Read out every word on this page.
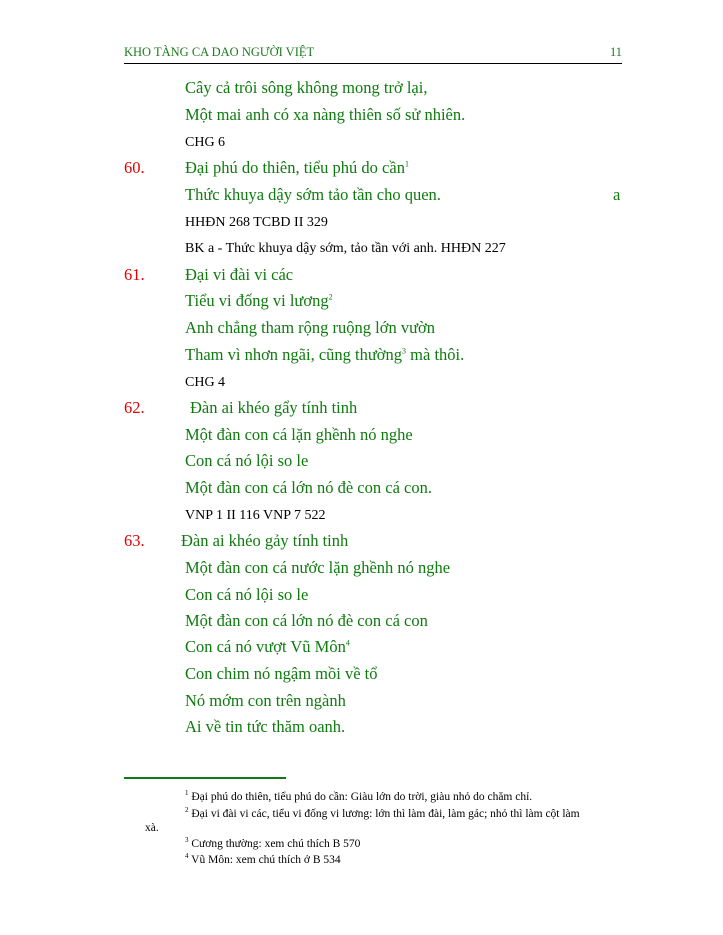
KHO TÀNG CA DAO NGƯỜI VIỆT	11
Cây cả trôi sông không mong trở lại,
Một mai anh có xa nàng thiên số sử nhiên.
CHG 6
60. Đại phú do thiên, tiểu phú do cần$^1$
Thức khuya dậy sớm tảo tần cho quen.	a
HHĐN 268 TCBD II 329
BK a - Thức khuya dậy sớm, tảo tần với anh. HHĐN 227
61. Đại vi đài vi các
Tiểu vi đống vi lương$^2$
Anh chẳng tham rộng ruộng lớn vườn
Tham vì nhơn ngãi, cũng thường$^3$ mà thôi.
CHG 4
62.	Đàn ai khéo gẩy tính tinh
Một đàn con cá lặn ghềnh nó nghe
Con cá nó lội so le
Một đàn con cá lớn nó đè con cá con.
VNP 1 II 116 VNP 7 522
63. Đàn ai khéo gảy tính tinh
Một đàn con cá nước lặn ghềnh nó nghe
Con cá nó lội so le
Một đàn con cá lớn nó đè con cá con
Con cá nó vượt Vũ Môn$^4$
Con chim nó ngậm mồi về tổ
Nó mớm con trên ngành
Ai về tin tức thăm oanh.
$^1$ Đại phú do thiên, tiểu phú do cần: Giàu lớn do trời, giàu nhỏ do chăm chỉ.
$^2$ Đại vi đài vi các, tiểu vi đống vi lương: lớn thì làm đài, làm gác; nhỏ thì làm cột làm
xà.
$^3$ Cương thường: xem chú thích B 570
$^4$ Vũ Môn: xem chú thích ở B 534
